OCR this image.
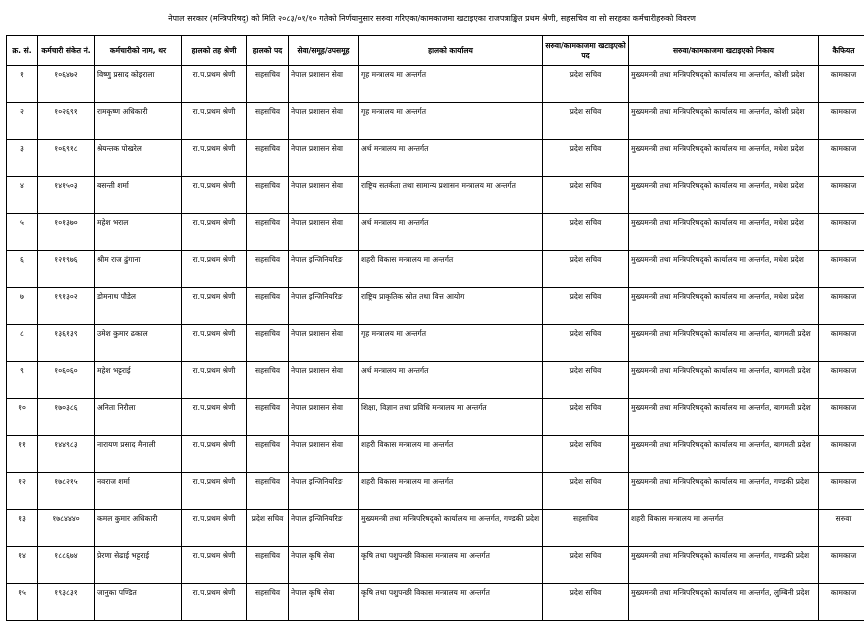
नेपाल सरकार (मन्त्रिपरिषद्) को मिति २०८३/०१/१० गतेको निर्णयानुसार सरुवा गरिएका/कामकाजमा खटाइएका राजपत्राङ्कित प्रथम श्रेणी, सहसचिव वा सो सरहका कर्मचारीहरुको विवरण
क्र. सं.	कर्मचारी संकेत नं.	कर्मचारीको नाम, थर	हालको तह श्रेणी	हालको पद	सेवा/समूह/उपसमूह	हालको कार्यालय	सरुवा/कामकाजमा खटाइएको पद	सरुवा/कामकाजमा खटाइएको निकाय	कैफियत
१	१०६४७२	विष्णु प्रसाद कोइराला	रा.प.प्रथम श्रेणी	सहसचिव	नेपाल प्रशासन सेवा	गृह मन्त्रालय मा अन्तर्गत	प्रदेश सचिव	मुख्यमन्त्री तथा मन्त्रिपरिषद्‌को कार्यालय मा अन्तर्गत, कोशी प्रदेश	कामकाज
२	१०२६९१	रामकृष्ण अधिकारी	रा.प.प्रथम श्रेणी	सहसचिव	नेपाल प्रशासन सेवा	गृह मन्त्रालय मा अन्तर्गत	प्रदेश सचिव	मुख्यमन्त्री तथा मन्त्रिपरिषद्‌को कार्यालय मा अन्तर्गत, कोशी प्रदेश	कामकाज
३	१०६९१८	श्रेयन्तक पोखरेल	रा.प.प्रथम श्रेणी	सहसचिव	नेपाल प्रशासन सेवा	अर्थ मन्त्रालय मा अन्तर्गत	प्रदेश सचिव	मुख्यमन्त्री तथा मन्त्रिपरिषद्‌को कार्यालय मा अन्तर्गत, मधेश प्रदेश	कामकाज
४	१४१५०३	बसन्ती शर्मा	रा.प.प्रथम श्रेणी	सहसचिव	नेपाल प्रशासन सेवा	राष्ट्रिय सतर्कता तथा सामान्य प्रशासन मन्त्रालय मा अन्तर्गत	प्रदेश सचिव	मुख्यमन्त्री तथा मन्त्रिपरिषद्‌को कार्यालय मा अन्तर्गत, मधेश प्रदेश	कामकाज
५	१०१३७०	महेश भराल	रा.प.प्रथम श्रेणी	सहसचिव	नेपाल प्रशासन सेवा	अर्थ मन्त्रालय मा अन्तर्गत	प्रदेश सचिव	मुख्यमन्त्री तथा मन्त्रिपरिषद्‌को कार्यालय मा अन्तर्गत, मधेश प्रदेश	कामकाज
६	१२१९७६	श्रीम राज ढुंगाना	रा.प.प्रथम श्रेणी	सहसचिव	नेपाल इन्जिनियरिङ	शहरी विकास मन्त्रालय मा अन्तर्गत	प्रदेश सचिव	मुख्यमन्त्री तथा मन्त्रिपरिषद्‌को कार्यालय मा अन्तर्गत, मधेश प्रदेश	कामकाज
७	१९१३०२	डोमनाथ पौडेल	रा.प.प्रथम श्रेणी	सहसचिव	नेपाल इन्जिनियरिङ	राष्ट्रिय प्राकृतिक स्रोत तथा वित्त आयोग	प्रदेश सचिव	मुख्यमन्त्री तथा मन्त्रिपरिषद्‌को कार्यालय मा अन्तर्गत, मधेश प्रदेश	कामकाज
८	१३६१३९	उमेश कुमार ढकाल	रा.प.प्रथम श्रेणी	सहसचिव	नेपाल प्रशासन सेवा	गृह मन्त्रालय मा अन्तर्गत	प्रदेश सचिव	मुख्यमन्त्री तथा मन्त्रिपरिषद्‌को कार्यालय मा अन्तर्गत, बागमती प्रदेश	कामकाज
९	१०६०६०	महेश भट्टराई	रा.प.प्रथम श्रेणी	सहसचिव	नेपाल प्रशासन सेवा	अर्थ मन्त्रालय मा अन्तर्गत	प्रदेश सचिव	मुख्यमन्त्री तथा मन्त्रिपरिषद्‌को कार्यालय मा अन्तर्गत, बागमती प्रदेश	कामकाज
१०	१७०३८६	अनिता निरौला	रा.प.प्रथम श्रेणी	सहसचिव	नेपाल प्रशासन सेवा	शिक्षा, विज्ञान तथा प्रविधि मन्त्रालय मा अन्तर्गत	प्रदेश सचिव	मुख्यमन्त्री तथा मन्त्रिपरिषद्‌को कार्यालय मा अन्तर्गत, बागमती प्रदेश	कामकाज
११	१४४९८३	नारायण प्रसाद मैनाली	रा.प.प्रथम श्रेणी	सहसचिव	नेपाल प्रशासन सेवा	शहरी विकास मन्त्रालय मा अन्तर्गत	प्रदेश सचिव	मुख्यमन्त्री तथा मन्त्रिपरिषद्‌को कार्यालय मा अन्तर्गत, बागमती प्रदेश	कामकाज
१२	१७८२१५	नवराज शर्मा	रा.प.प्रथम श्रेणी	सहसचिव	नेपाल इन्जिनियरिङ	शहरी विकास मन्त्रालय मा अन्तर्गत	प्रदेश सचिव	मुख्यमन्त्री तथा मन्त्रिपरिषद्‌को कार्यालय मा अन्तर्गत, गण्डकी प्रदेश	कामकाज
१३	१७८४४४०	कमल कुमार अधिकारी	रा.प.प्रथम श्रेणी	प्रदेश सचिव	नेपाल इन्जिनियरिङ	मुख्यमन्त्री तथा मन्त्रिपरिषद्‌को कार्यालय मा अन्तर्गत, गण्डकी प्रदेश	सहसचिव	शहरी विकास मन्त्रालय मा अन्तर्गत	सरुवा
१४	१८८६७४	प्रेरणा सेढाई भट्टराई	रा.प.प्रथम श्रेणी	सहसचिव	नेपाल कृषि सेवा	कृषि तथा पशुपन्छी विकास मन्त्रालय मा अन्तर्गत	प्रदेश सचिव	मुख्यमन्त्री तथा मन्त्रिपरिषद्‌को कार्यालय मा अन्तर्गत, गण्डकी प्रदेश	कामकाज
१५	१९३८३१	जानुका पण्डित	रा.प.प्रथम श्रेणी	सहसचिव	नेपाल कृषि सेवा	कृषि तथा पशुपन्छी विकास मन्त्रालय मा अन्तर्गत	प्रदेश सचिव	मुख्यमन्त्री तथा मन्त्रिपरिषद्‌को कार्यालय मा अन्तर्गत, लुम्बिनी प्रदेश	कामकाज
